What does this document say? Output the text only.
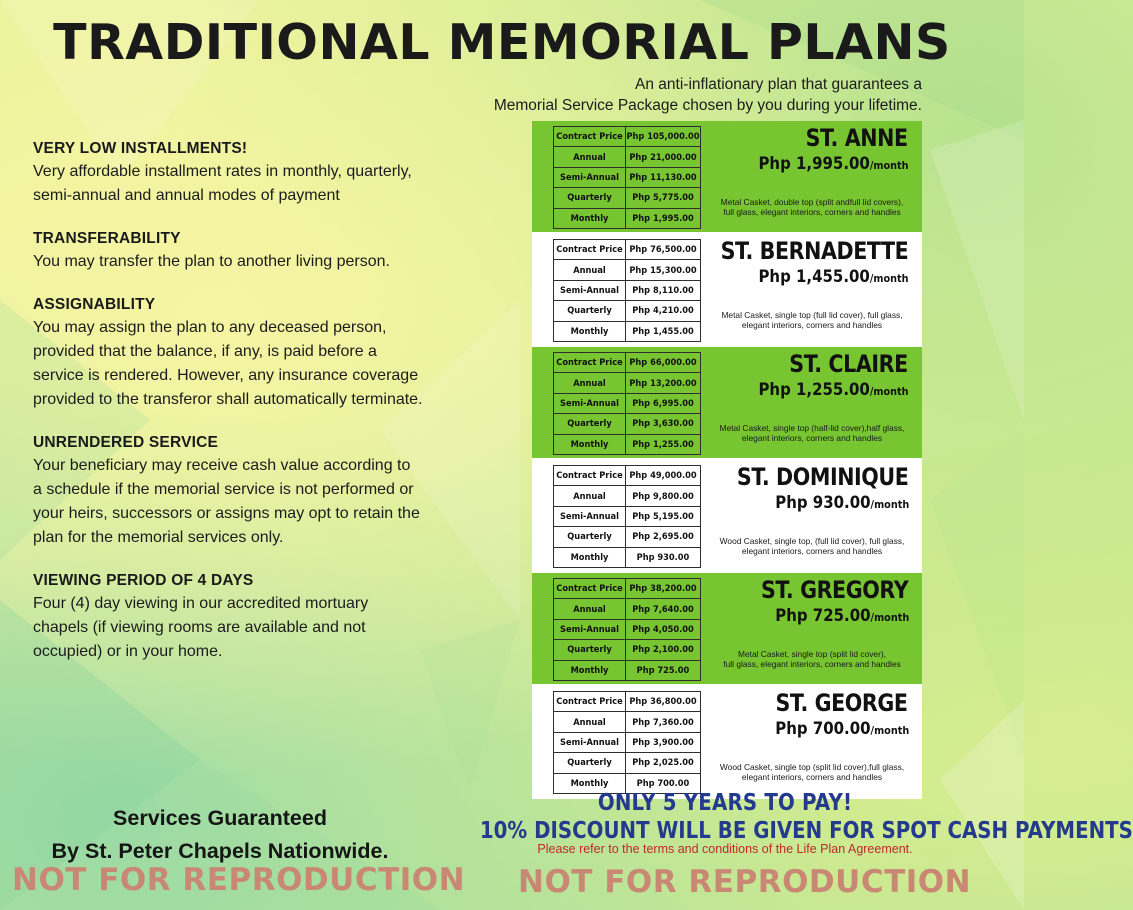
TRADITIONAL MEMORIAL PLANS
An anti-inflationary plan that guarantees a
Memorial Service Package chosen by you during your lifetime.

VERY LOW INSTALLMENTS!

Very affordable installment rates in monthly, quarterly, semi-annual and annual modes of payment

TRANSFERABILITY

You may transfer the plan to another living person.

ASSIGNABILITY

You may assign the plan to any deceased person, provided that the balance, if any, is paid before a service is rendered. However, any insurance coverage provided to the transferor shall automatically terminate.

UNRENDERED SERVICE

Your beneficiary may receive cash value according to a schedule if the memorial service is not performed or your heirs, successors or assigns may opt to retain the plan for the memorial services only.

VIEWING PERIOD OF 4 DAYS

Four (4) day viewing in our accredited mortuary chapels (if viewing rooms are available and not occupied) or in your home.

Services Guaranteed
By St. Peter Chapels Nationwide.
Contract Price	Php 105,000.00
Annual	Php 21,000.00
Semi-Annual	Php 11,130.00
Quarterly	Php 5,775.00
Monthly	Php 1,995.00
ST. ANNE
Php 1,995.00/month
Metal Casket, double top (split andfull lid covers),
full glass, elegant interiors, corners and handles
Contract Price	Php 76,500.00
Annual	Php 15,300.00
Semi-Annual	Php 8,110.00
Quarterly	Php 4,210.00
Monthly	Php 1,455.00
ST. BERNADETTE
Php 1,455.00/month
Metal Casket, single top (full lid cover), full glass,
elegant interiors, corners and handles
Contract Price	Php 66,000.00
Annual	Php 13,200.00
Semi-Annual	Php 6,995.00
Quarterly	Php 3,630.00
Monthly	Php 1,255.00
ST. CLAIRE
Php 1,255.00/month
Metal Casket, single top (half-lid cover),half glass,
elegant interiors, corners and handles
Contract Price	Php 49,000.00
Annual	Php 9,800.00
Semi-Annual	Php 5,195.00
Quarterly	Php 2,695.00
Monthly	Php 930.00
ST. DOMINIQUE
Php 930.00/month
Wood Casket, single top, (full lid cover), full glass,
elegant interiors, corners and handles
Contract Price	Php 38,200.00
Annual	Php 7,640.00
Semi-Annual	Php 4,050.00
Quarterly	Php 2,100.00
Monthly	Php 725.00
ST. GREGORY
Php 725.00/month
Metal Casket, single top (split lid cover),
full glass, elegant interiors, corners and handles
Contract Price	Php 36,800.00
Annual	Php 7,360.00
Semi-Annual	Php 3,900.00
Quarterly	Php 2,025.00
Monthly	Php 700.00
ST. GEORGE
Php 700.00/month
Wood Casket, single top (split lid cover),full glass,
elegant interiors, corners and handles
ONLY 5 YEARS TO PAY!
10% DISCOUNT WILL BE GIVEN FOR SPOT CASH PAYMENTS
Please refer to the terms and conditions of the Life Plan Agreement.
NOT FOR REPRODUCTION NOT FOR REPRODUCTION
